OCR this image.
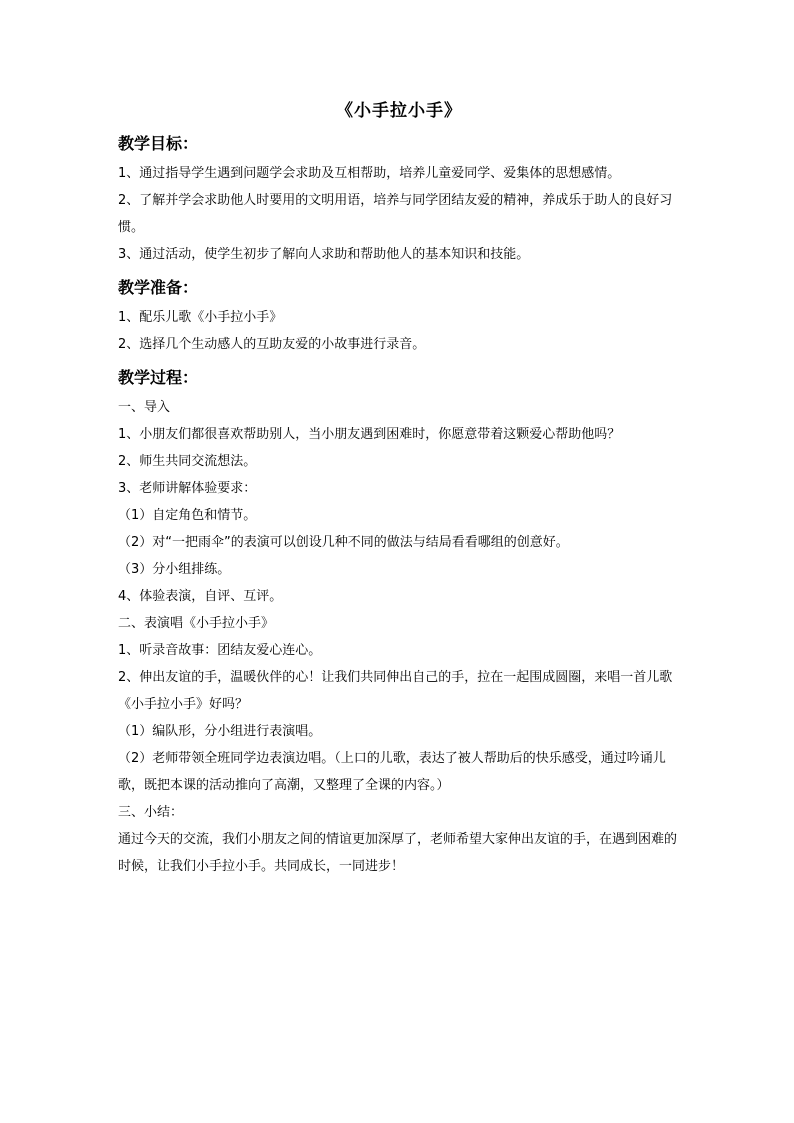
《小手拉小手》
教学目标：

1、通过指导学生遇到问题学会求助及互相帮助，培养儿童爱同学、爱集体的思想感情。

2、了解并学会求助他人时要用的文明用语，培养与同学团结友爱的精神，养成乐于助人的良好习惯。

3、通过活动，使学生初步了解向人求助和帮助他人的基本知识和技能。

教学准备：

1、配乐儿歌《小手拉小手》

2、选择几个生动感人的互助友爱的小故事进行录音。

教学过程：

一、导入

1、小朋友们都很喜欢帮助别人，当小朋友遇到困难时，你愿意带着这颗爱心帮助他吗？

2、师生共同交流想法。

3、老师讲解体验要求：

（1）自定角色和情节。

（2）对“一把雨伞”的表演可以创设几种不同的做法与结局看看哪组的创意好。

（3）分小组排练。

4、体验表演，自评、互评。

二、表演唱《小手拉小手》

1、听录音故事：团结友爱心连心。

2、伸出友谊的手，温暖伙伴的心！让我们共同伸出自己的手，拉在一起围成圆圈，来唱一首儿歌《小手拉小手》好吗？

（1）编队形，分小组进行表演唱。

（2）老师带领全班同学边表演边唱。（上口的儿歌，表达了被人帮助后的快乐感受，通过吟诵儿歌，既把本课的活动推向了高潮，又整理了全课的内容。）

三、小结：

通过今天的交流，我们小朋友之间的情谊更加深厚了，老师希望大家伸出友谊的手，在遇到困难的时候，让我们小手拉小手。共同成长，一同进步！
